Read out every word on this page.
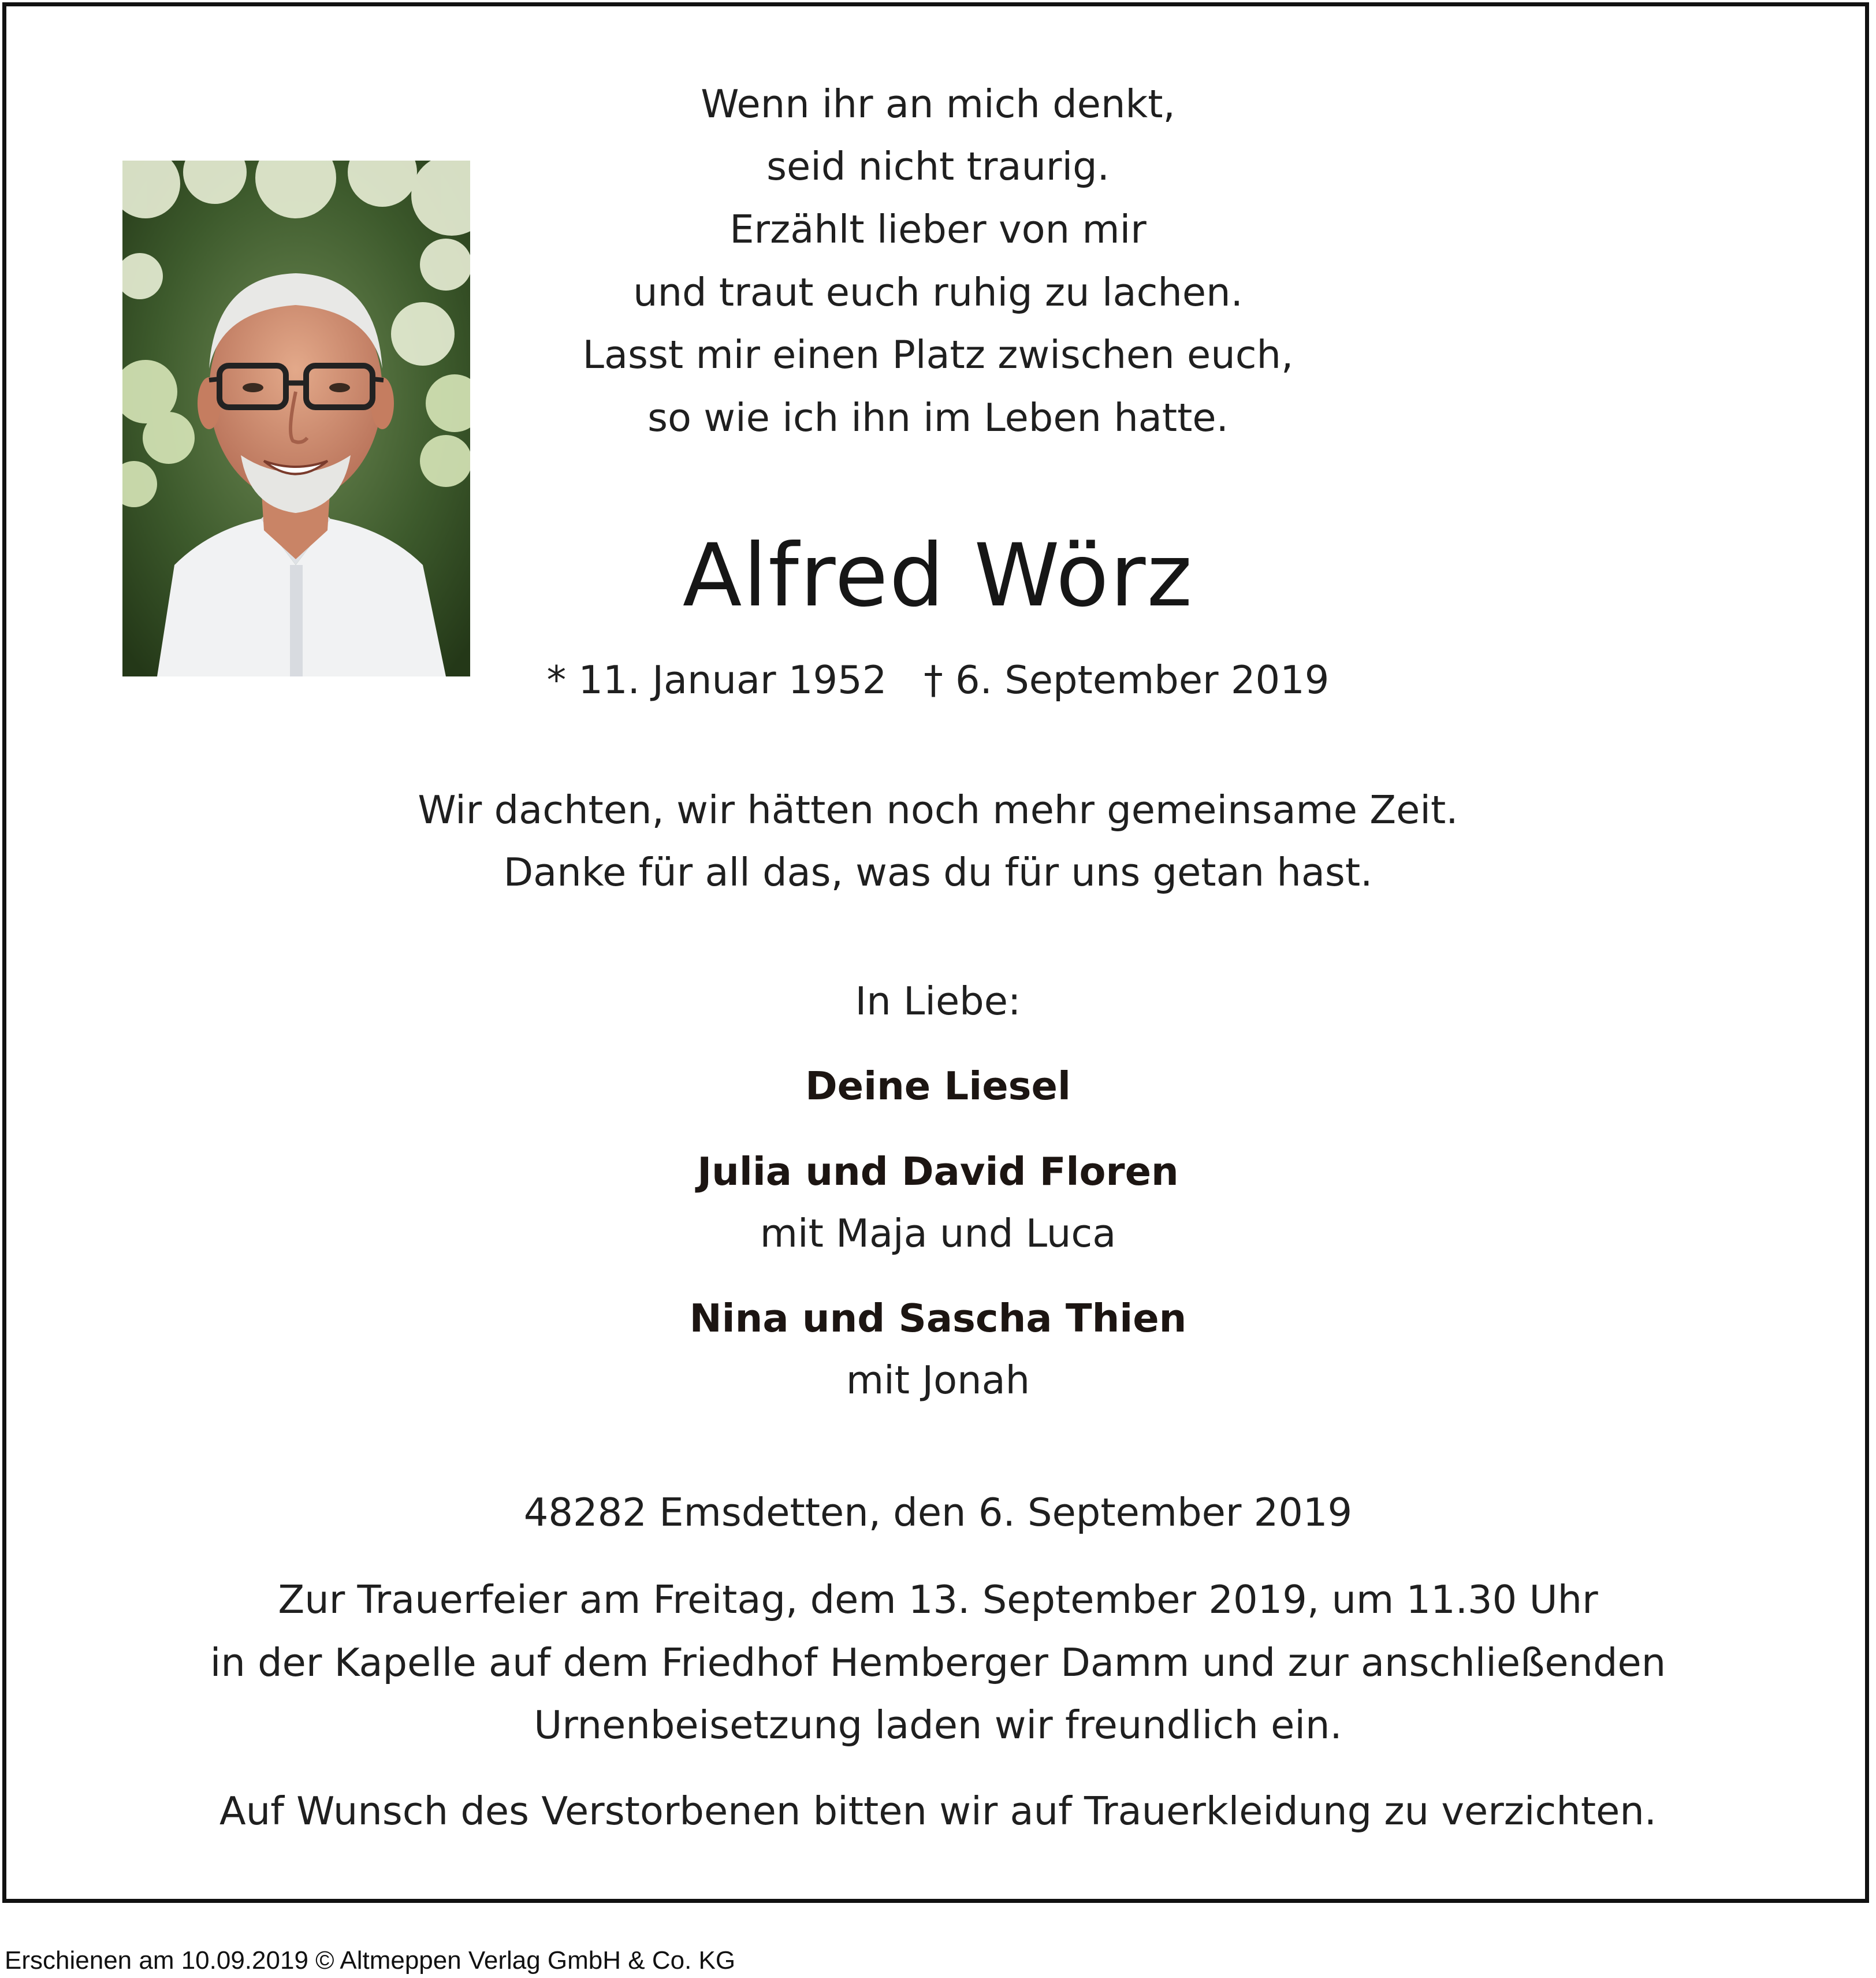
Wenn ihr an mich denkt,
seid nicht traurig.
Erzählt lieber von mir
und traut euch ruhig zu lachen.
Lasst mir einen Platz zwischen euch,
so wie ich ihn im Leben hatte.
Alfred Wörz
* 11. Januar 1952   † 6. September 2019
Wir dachten, wir hätten noch mehr gemeinsame Zeit.
Danke für all das, was du für uns getan hast.
In Liebe:
Deine Liesel
Julia und David Floren
mit Maja und Luca
Nina und Sascha Thien
mit Jonah
48282 Emsdetten, den 6. September 2019
Zur Trauerfeier am Freitag, dem 13. September 2019, um 11.30 Uhr
in der Kapelle auf dem Friedhof Hemberger Damm und zur anschließenden
Urnenbeisetzung laden wir freundlich ein.
Auf Wunsch des Verstorbenen bitten wir auf Trauerkleidung zu verzichten.
Erschienen am 10.09.2019 © Altmeppen Verlag GmbH & Co. KG
